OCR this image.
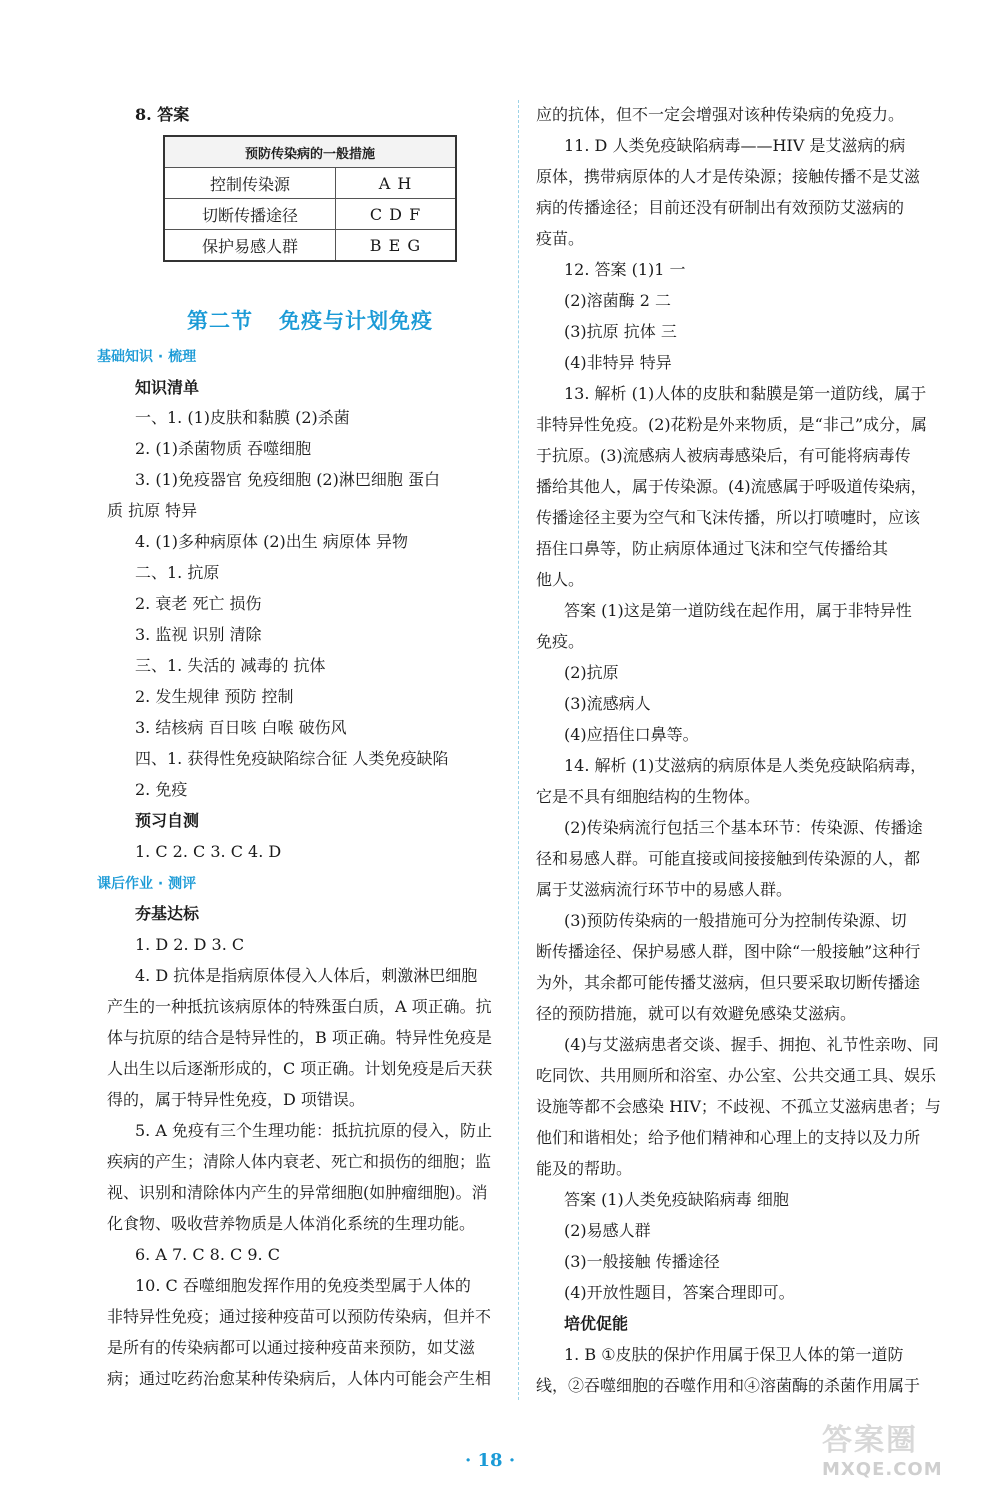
8. 答案
预防传染病的一般措施	
控制传染源	A H
切断传播途径	C D F
保护易感人群	B E G
第二节 免疫与计划免疫
基础知识 · 梳理
知识清单
一、1. (1)皮肤和黏膜 (2)杀菌
2. (1)杀菌物质 吞噬细胞
3. (1)免疫器官 免疫细胞 (2)淋巴细胞 蛋白
质 抗原 特异
4. (1)多种病原体 (2)出生 病原体 异物
二、1. 抗原
2. 衰老 死亡 损伤
3. 监视 识别 清除
三、1. 失活的 减毒的 抗体
2. 发生规律 预防 控制
3. 结核病 百日咳 白喉 破伤风
四、1. 获得性免疫缺陷综合征 人类免疫缺陷
2. 免疫
预习自测
1. C 2. C 3. C 4. D
课后作业 · 测评
夯基达标
1. D 2. D 3. C
4. D 抗体是指病原体侵入人体后，刺激淋巴细胞
产生的一种抵抗该病原体的特殊蛋白质，A 项正确。抗
体与抗原的结合是特异性的，B 项正确。特异性免疫是
人出生以后逐渐形成的，C 项正确。计划免疫是后天获
得的，属于特异性免疫，D 项错误。
5. A 免疫有三个生理功能：抵抗抗原的侵入，防止
疾病的产生；清除人体内衰老、死亡和损伤的细胞；监
视、识别和清除体内产生的异常细胞(如肿瘤细胞)。消
化食物、吸收营养物质是人体消化系统的生理功能。
6. A 7. C 8. C 9. C
10. C 吞噬细胞发挥作用的免疫类型属于人体的
非特异性免疫；通过接种疫苗可以预防传染病，但并不
是所有的传染病都可以通过接种疫苗来预防，如艾滋
病；通过吃药治愈某种传染病后，人体内可能会产生相
应的抗体，但不一定会增强对该种传染病的免疫力。
11. D 人类免疫缺陷病毒——HIV 是艾滋病的病
原体，携带病原体的人才是传染源；接触传播不是艾滋
病的传播途径；目前还没有研制出有效预防艾滋病的
疫苗。
12. 答案 (1)1 一
(2)溶菌酶 2 二
(3)抗原 抗体 三
(4)非特异 特异
13. 解析 (1)人体的皮肤和黏膜是第一道防线，属于
非特异性免疫。(2)花粉是外来物质，是“非己”成分，属
于抗原。(3)流感病人被病毒感染后，有可能将病毒传
播给其他人，属于传染源。(4)流感属于呼吸道传染病，
传播途径主要为空气和飞沫传播，所以打喷嚏时，应该
捂住口鼻等，防止病原体通过飞沫和空气传播给其
他人。
答案 (1)这是第一道防线在起作用，属于非特异性
免疫。
(2)抗原
(3)流感病人
(4)应捂住口鼻等。
14. 解析 (1)艾滋病的病原体是人类免疫缺陷病毒，
它是不具有细胞结构的生物体。
(2)传染病流行包括三个基本环节：传染源、传播途
径和易感人群。可能直接或间接接触到传染源的人，都
属于艾滋病流行环节中的易感人群。
(3)预防传染病的一般措施可分为控制传染源、切
断传播途径、保护易感人群，图中除“一般接触”这种行
为外，其余都可能传播艾滋病，但只要采取切断传播途
径的预防措施，就可以有效避免感染艾滋病。
(4)与艾滋病患者交谈、握手、拥抱、礼节性亲吻、同
吃同饮、共用厕所和浴室、办公室、公共交通工具、娱乐
设施等都不会感染 HIV；不歧视、不孤立艾滋病患者；与
他们和谐相处；给予他们精神和心理上的支持以及力所
能及的帮助。
答案 (1)人类免疫缺陷病毒 细胞
(2)易感人群
(3)一般接触 传播途径
(4)开放性题目，答案合理即可。
培优促能
1. B ①皮肤的保护作用属于保卫人体的第一道防
线，②吞噬细胞的吞噬作用和④溶菌酶的杀菌作用属于
· 18 ·
答案圈
MXQE.COM
